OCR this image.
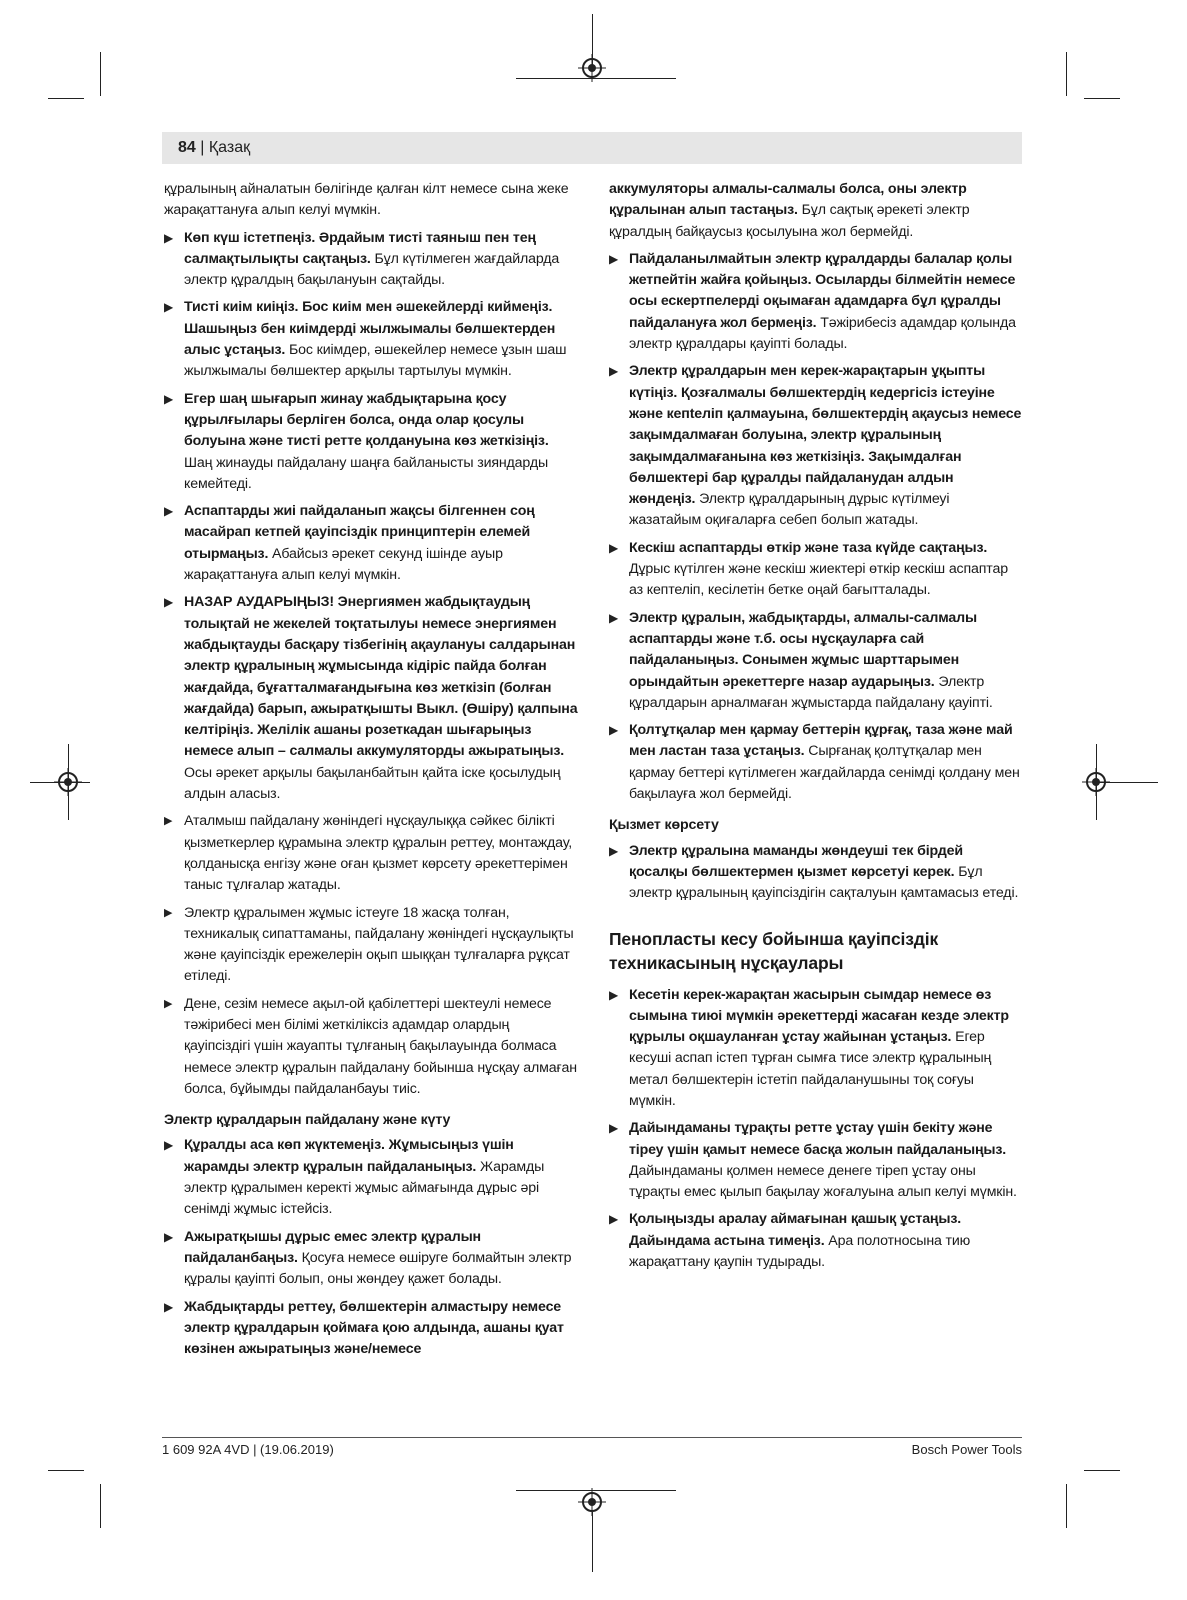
84 | Қазақ
құралының айналатын бөлігінде қалған кілт немесе сына жеке жарақаттануға алып келуі мүмкін.
▶ Көп күш істетпеңіз. Әрдайым тисті таяныш пен тең салмақтылықты сақтаңыз. Бұл күтілмеген жағдайларда электр құралдың бақылануын сақтайды.
▶ Тисті киім киіңіз. Бос киім мен әшекейлерді киймеңіз. Шашыңыз бен киімдерді жылжымалы бөлшектерден алыс ұстаңыз. Бос киімдер, әшекейлер немесе ұзын шаш жылжымалы бөлшектер арқылы тартылуы мүмкін.
▶ Егер шаң шығарып жинау жабдықтарына қосу құрылғылары берліген болса, онда олар қосулы болуына және тисті ретте қолдануына көз жеткізіңіз. Шаң жинауды пайдалану шаңға байланысты зияндарды кемейтеді.
▶ Аспаптарды жиі пайдаланып жақсы білгеннен соң масайрап кетпей қауіпсіздік принциптерін елемей отырмаңыз. Абайсыз әрекет секунд ішінде ауыр жарақаттануға алып келуі мүмкін.
▶ НАЗАР АУДАРЫҢЫЗ! Энергиямен жабдықтаудың толықтай не жекелей тоқтатылуы немесе энергиямен жабдықтауды басқару тізбегінің ақаулануы салдарынан электр құралының жұмысында кідіріс пайда болған жағдайда, бұғатталмағандығына көз жеткізіп (болған жағдайда) барып, ажыратқышты Выкл. (Өшіру) қалпына келтіріңіз. Желілік ашаны розеткадан шығарыңыз немесе алып – салмалы аккумуляторды ажыратыңыз. Осы әрекет арқылы бақыланбайтын қайта іске қосылудың алдын аласыз.
▶ Аталмыш пайдалану жөніндегі нұсқаулыққа сәйкес білікті қызметкерлер құрамына электр құралын реттеу, монтаждау, қолданысқа енгізу және оған қызмет көрсету әрекеттерімен таныс тұлғалар жатады.
▶ Электр құралымен жұмыс істеуге 18 жасқа толған, техникалық сипаттаманы, пайдалану жөніндегі нұсқаулықты және қауіпсіздік ережелерін оқып шыққан тұлғаларға рұқсат етіледі.
▶ Дене, сезім немесе ақыл-ой қабілеттері шектеулі немесе тәжірибесі мен білімі жеткіліксіз адамдар олардың қауіпсіздігі үшін жауапты тұлғаның бақылауында болмаса немесе электр құралын пайдалану бойынша нұсқау алмаған болса, бұйымды пайдаланбауы тиіс.
Электр құралдарын пайдалану және күту
▶ Құралды аса көп жүктемеңіз. Жұмысыңыз үшін жарамды электр құралын пайдаланыңыз. Жарамды электр құралымен керекті жұмыс аймағында дұрыс әрі сенімді жұмыс істейсіз.
▶ Ажыратқышы дұрыс емес электр құралын пайдаланбаңыз. Қосуға немесе өшіруге болмайтын электр құралы қауіпті болып, оны жөндеу қажет болады.
▶ Жабдықтарды реттеу, бөлшектерін алмастыру немесе электр құралдарын қоймаға қою алдында, ашаны қуат көзінен ажыратыңыз және/немесе
аккумуляторы алмалы-салмалы болса, оны электр құралынан алып тастаңыз. Бұл сақтық әрекеті электр құралдың байқаусыз қосылуына жол бермейді.
▶ Пайдаланылмайтын электр құралдарды балалар қолы жетпейтін жайға қойыңыз. Осыларды білмейтін немесе осы ескертпелерді оқымаған адамдарға бұл құралды пайдалануға жол бермеңіз. Тәжірибесіз адамдар қолында электр құралдары қауіпті болады.
▶ Электр құралдарын мен керек-жарақтарын ұқыпты күтіңіз. Қозғалмалы бөлшектердің кедергісіз істеуіне және кепteліп қалмауына, бөлшектердің ақаусыз немесе зақымдалмаған болуына, электр құралының зақымдалмағанына көз жеткізіңіз. Зақымдалған бөлшектері бар құралды пайдаланудан алдын жөндеңіз. Электр құралдарының дұрыс күтілмеуі жазатайым оқиғаларға себеп болып жатады.
▶ Кескіш аспаптарды өткір және таза күйде сақтаңыз. Дұрыс күтілген және кескіш жиектері өткір кескіш аспаптар аз кептеліп, кесілетін бетке оңай бағытталады.
▶ Электр құралын, жабдықтарды, алмалы-салмалы аспаптарды және т.б. осы нұсқауларға сай пайдаланыңыз. Сонымен жұмыс шарттарымен орындайтын әрекеттерге назар аударыңыз. Электр құралдарын арналмаған жұмыстарда пайдалану қауіпті.
▶ Қолтұтқалар мен қармау беттерін құрғақ, таза және май мен ластан таза ұстаңыз. Сырғанақ қолтұтқалар мен қармау беттері күтілмеген жағдайларда сенімді қолдану мен бақылауға жол бермейді.
Қызмет көрсету
▶ Электр құралына маманды жөндеуші тек бірдей қосалқы бөлшектермен қызмет көрсетуі керек. Бұл электр құралының қауіпсіздігін сақталуын қамтамасыз етеді.
Пенопласты кесу бойынша қауіпсіздік техникасының нұсқаулары
▶ Кесетін керек-жарақтан жасырын сымдар немесе өз сымына тиюі мүмкін әрекеттерді жасаған кезде электр құрылы оқшауланған ұстау жайынан ұстаңыз. Егер кесуші аспап істеп тұрған сымға тисе электр құралының метал бөлшектерін істетіп пайдаланушыны тоқ соғуы мүмкін.
▶ Дайындаманы тұрақты ретте ұстау үшін бекіту және тіреу үшін қамыт немесе басқа жолын пайдаланыңыз. Дайындаманы қолмен немесе денеге тіреп ұстау оны тұрақты емес қылып бақылау жоғалуына алып келуі мүмкін.
▶ Қолыңызды аралау аймағынан қашық ұстаңыз. Дайындама астына тимеңіз. Ара полотносына тию жарақаттану қаупін тудырады.
1 609 92A 4VD | (19.06.2019)	Bosch Power Tools
